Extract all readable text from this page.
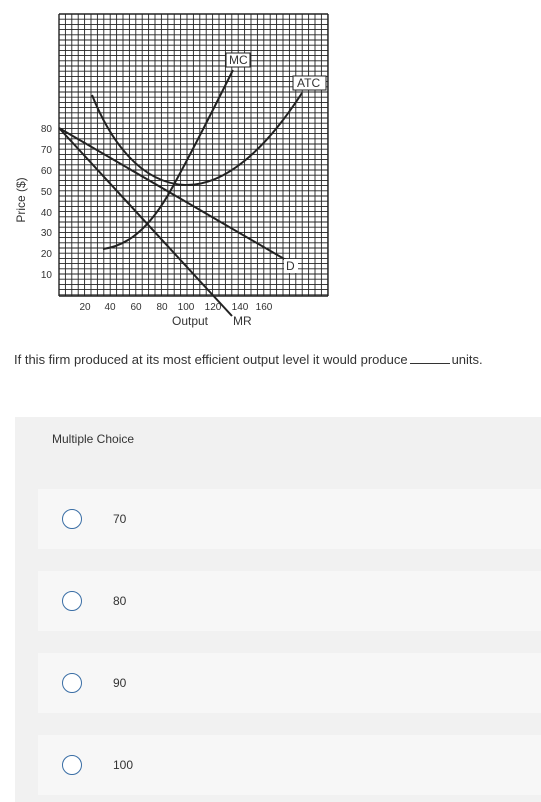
MC
ATC
D
MR
80
70
60
50
40
30
20
10
20 40 60 80 100 120 140 160
Output
Price ($)
If this firm produced at its most efficient output level it would produce	units.
Multiple Choice
70
80
90
100
